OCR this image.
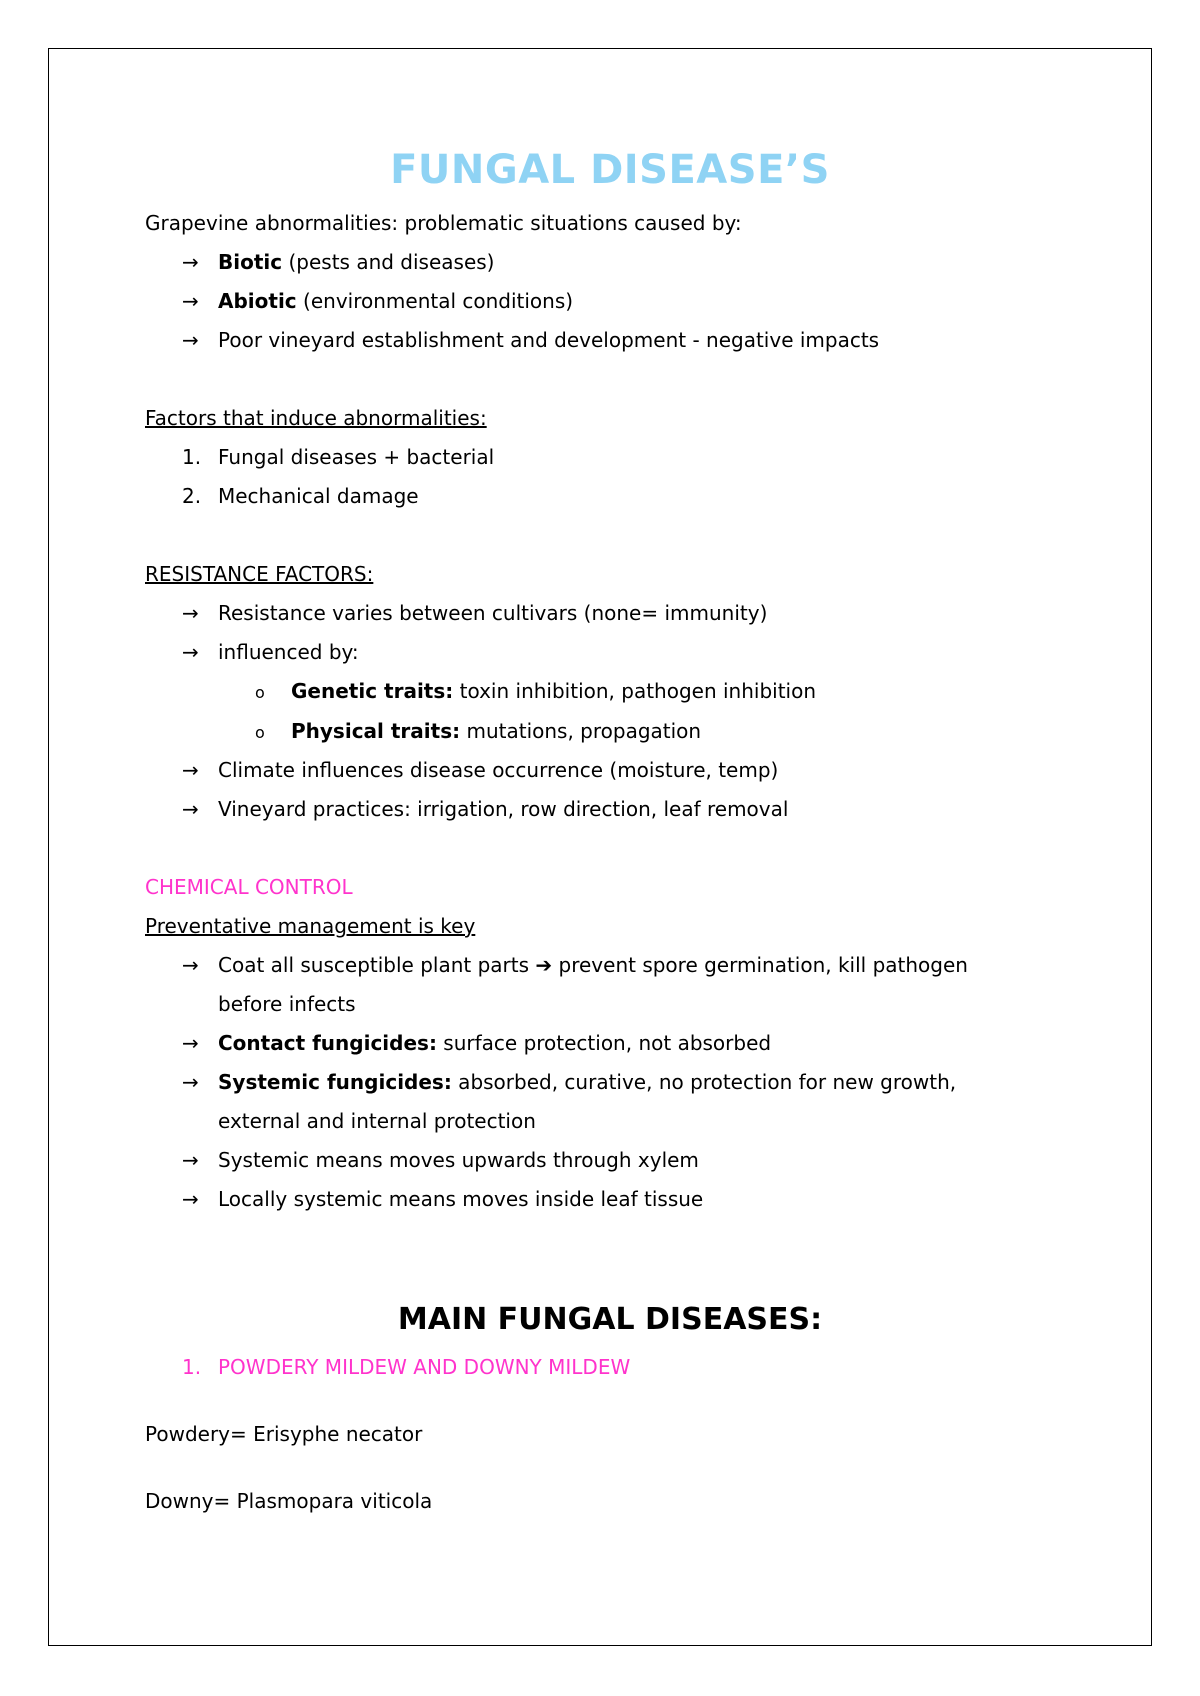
FUNGAL DISEASE’S
Grapevine abnormalities: problematic situations caused by:
→ Biotic (pests and diseases)
→ Abiotic (environmental conditions)
→ Poor vineyard establishment and development - negative impacts
Factors that induce abnormalities:
1. Fungal diseases + bacterial
2. Mechanical damage
RESISTANCE FACTORS:
→ Resistance varies between cultivars (none= immunity)
→ influenced by:
o Genetic traits: toxin inhibition, pathogen inhibition
o Physical traits: mutations, propagation
→ Climate influences disease occurrence (moisture, temp)
→ Vineyard practices: irrigation, row direction, leaf removal
CHEMICAL CONTROL
Preventative management is key
→ Coat all susceptible plant parts ➔ prevent spore germination, kill pathogen
before infects
→ Contact fungicides: surface protection, not absorbed
→ Systemic fungicides: absorbed, curative, no protection for new growth,
external and internal protection
→ Systemic means moves upwards through xylem
→ Locally systemic means moves inside leaf tissue
MAIN FUNGAL DISEASES:
1. POWDERY MILDEW AND DOWNY MILDEW
Powdery= Erisyphe necator
Downy= Plasmopara viticola
